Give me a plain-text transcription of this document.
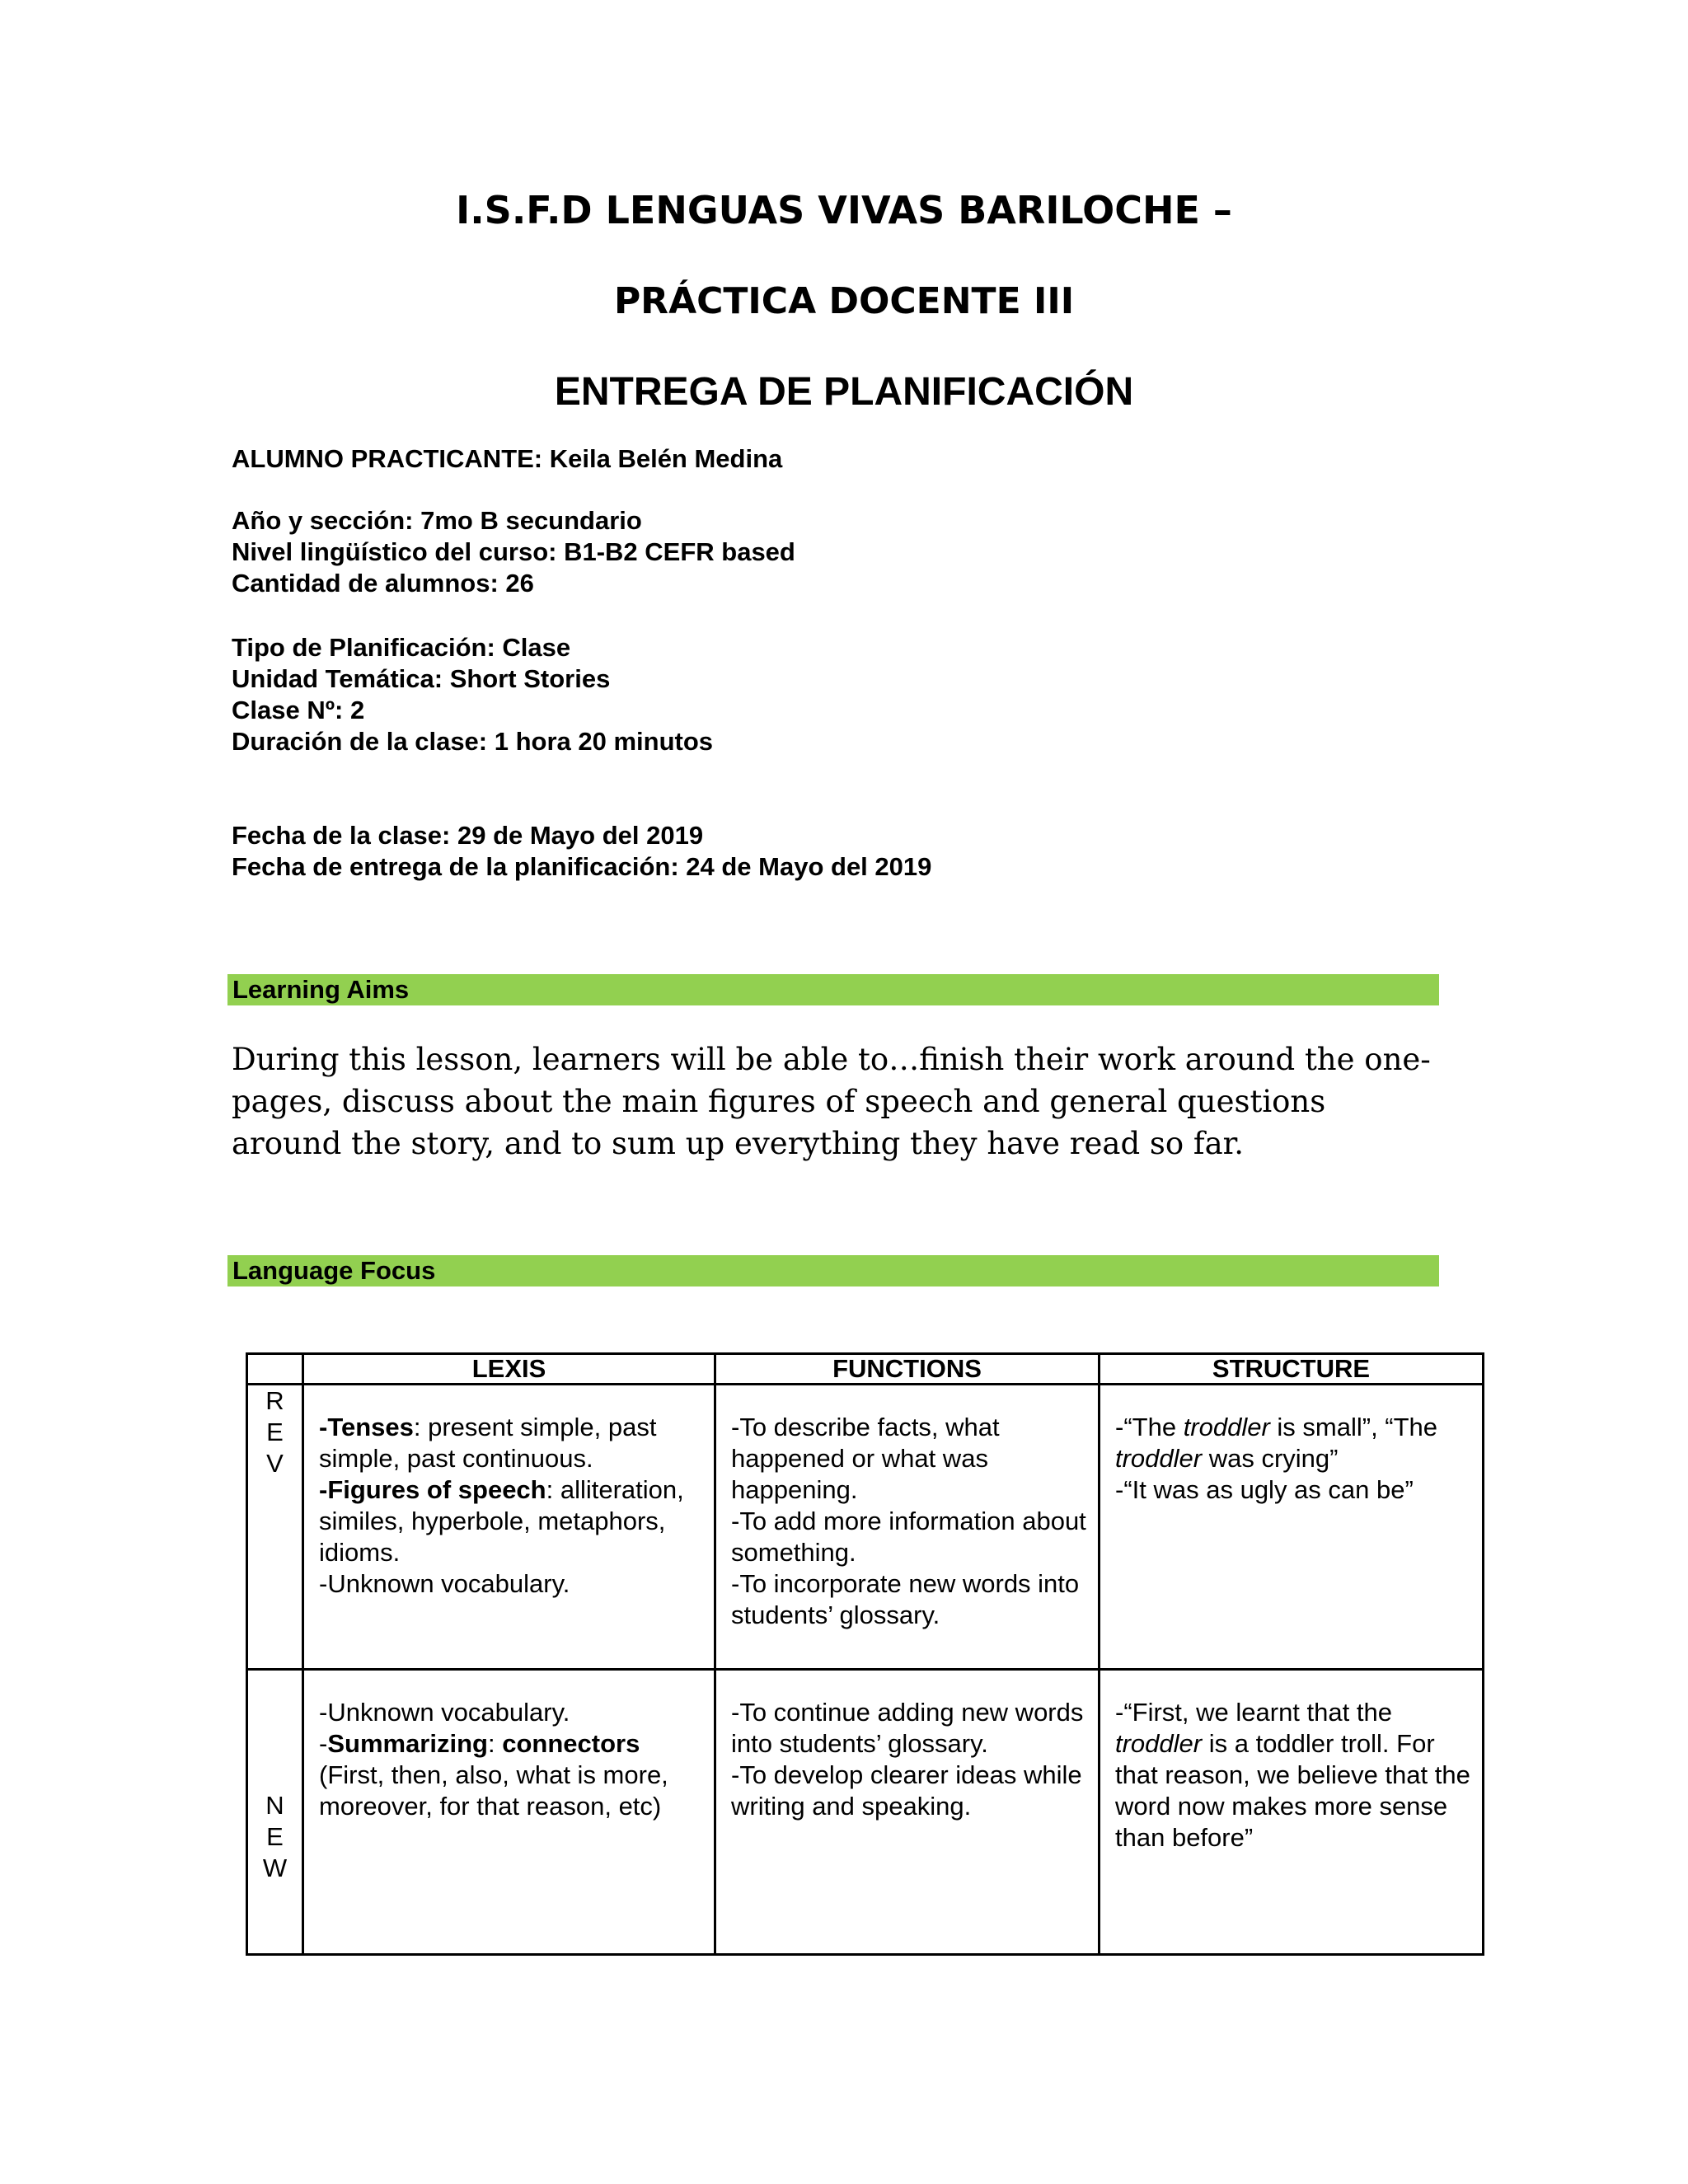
I.S.F.D LENGUAS VIVAS BARILOCHE –
PRÁCTICA DOCENTE III
ENTREGA DE PLANIFICACIÓN
ALUMNO PRACTICANTE: Keila Belén Medina
Año y sección: 7mo B secundario
Nivel lingüístico del curso: B1-B2 CEFR based
Cantidad de alumnos: 26
Tipo de Planificación: Clase
Unidad Temática: Short Stories
Clase Nº: 2
Duración de la clase: 1 hora 20 minutos
Fecha de la clase: 29 de Mayo del 2019
Fecha de entrega de la planificación: 24 de Mayo del 2019
Learning Aims
During this lesson, learners will be able to…finish their work around the one-pages, discuss about the main figures of speech and general questions around the story, and to sum up everything they have read so far.
Language Focus
	LEXIS	FUNCTIONS	STRUCTURE

R
E
V	-Tenses: present simple, past simple, past continuous.
-Figures of speech: alliteration, similes, hyperbole, metaphors, idioms.
-Unknown vocabulary.	-To describe facts, what happened or what was happening.
-To add more information about something.
-To incorporate new words into students’ glossary.	-“The troddler is small”, “The troddler was crying”
-“It was as ugly as can be”

N
E
W	-Unknown vocabulary.
-Summarizing: connectors
(First, then, also, what is more, moreover, for that reason, etc)	-To continue adding new words into students’ glossary.
-To develop clearer ideas while writing and speaking.	-“First, we learnt that the troddler is a toddler troll. For that reason, we believe that the word now makes more sense than before”
